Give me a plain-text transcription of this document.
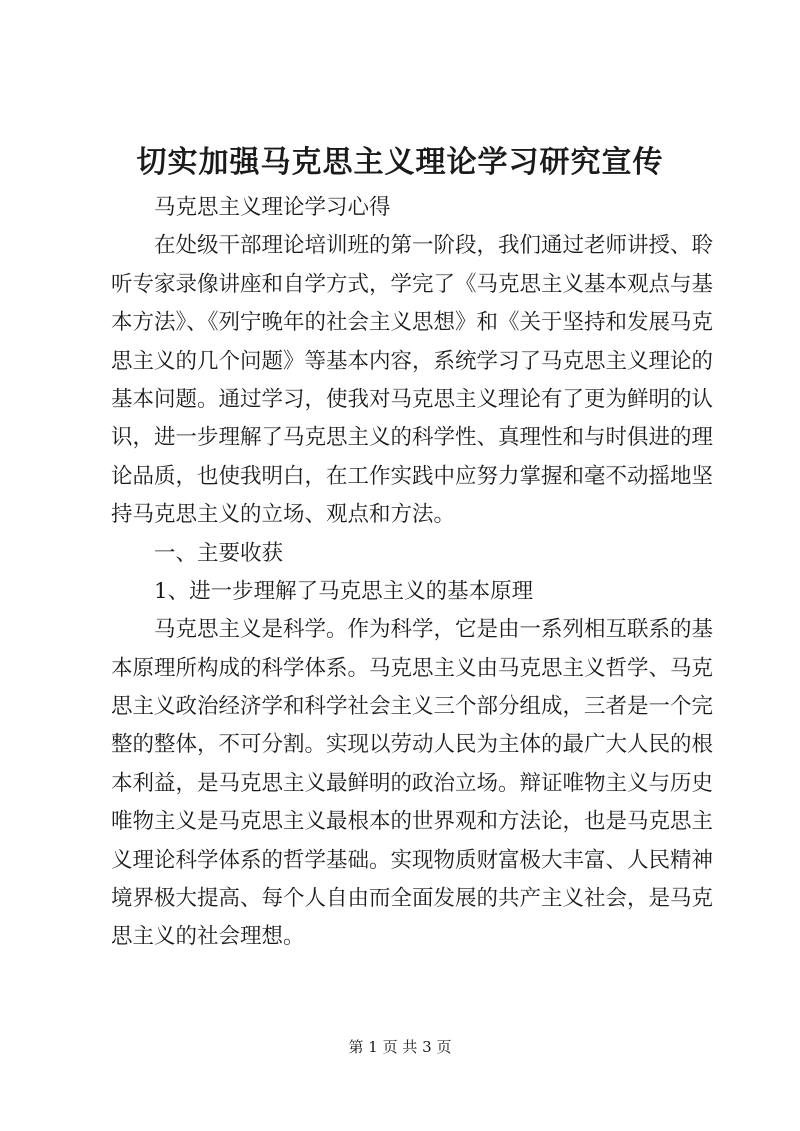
切实加强马克思主义理论学习研究宣传
马克思主义理论学习心得
在处级干部理论培训班的第一阶段，我们通过老师讲授、聆
听专家录像讲座和自学方式，学完了《马克思主义基本观点与基
本方法》、《列宁晚年的社会主义思想》和《关于坚持和发展马克
思主义的几个问题》等基本内容，系统学习了马克思主义理论的
基本问题。通过学习，使我对马克思主义理论有了更为鲜明的认
识，进一步理解了马克思主义的科学性、真理性和与时俱进的理
论品质，也使我明白，在工作实践中应努力掌握和毫不动摇地坚
持马克思主义的立场、观点和方法。
一、主要收获
1、进一步理解了马克思主义的基本原理
马克思主义是科学。作为科学，它是由一系列相互联系的基
本原理所构成的科学体系。马克思主义由马克思主义哲学、马克
思主义政治经济学和科学社会主义三个部分组成，三者是一个完
整的整体，不可分割。实现以劳动人民为主体的最广大人民的根
本利益，是马克思主义最鲜明的政治立场。辩证唯物主义与历史
唯物主义是马克思主义最根本的世界观和方法论，也是马克思主
义理论科学体系的哲学基础。实现物质财富极大丰富、人民精神
境界极大提高、每个人自由而全面发展的共产主义社会，是马克
思主义的社会理想。
第 1 页 共 3 页
